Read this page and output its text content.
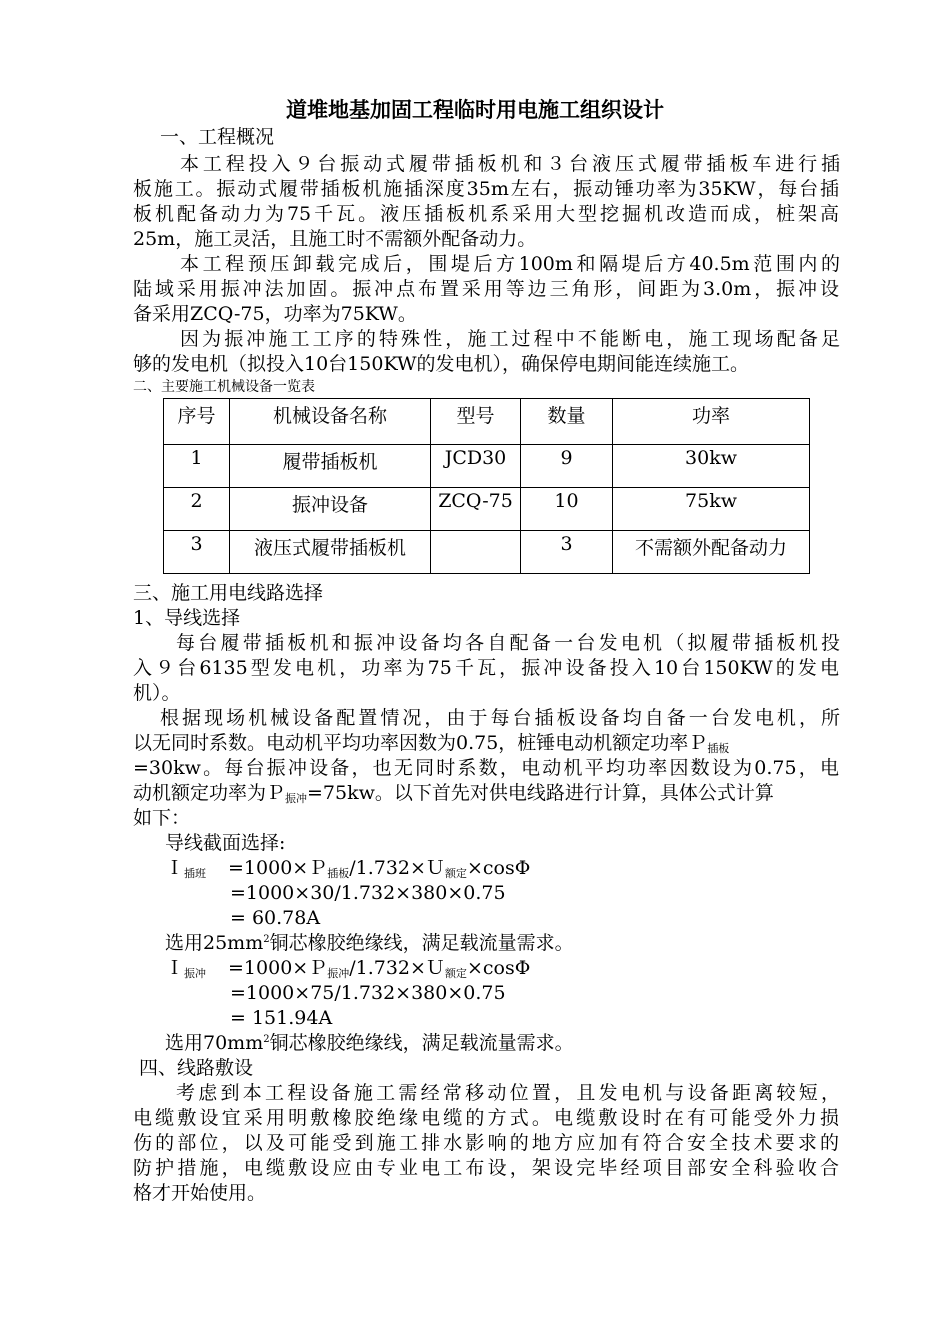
道堆地基加固工程临时用电施工组织设计
一、工程概况
本工程投入９台振动式履带插板机和３台液压式履带插板车进行插
板施工。振动式履带插板机施插深度35m左右，振动锤功率为35KW，每台插
板机配备动力为75千瓦。液压插板机系采用大型挖掘机改造而成，桩架高
25m，施工灵活，且施工时不需额外配备动力。
本工程预压卸载完成后，围堤后方100m和隔堤后方40.5m范围内的
陆域采用振冲法加固。振冲点布置采用等边三角形，间距为3.0m，振冲设
备采用ZCQ-75，功率为75KW。
因为振冲施工工序的特殊性，施工过程中不能断电，施工现场配备足
够的发电机（拟投入10台150KW的发电机），确保停电期间能连续施工。
二、主要施工机械设备一览表
序号	机械设备名称	型号	数量	功率
1	履带插板机	JCD30	9	30kw
2	振冲设备	ZCQ-75	10	75kw
3	液压式履带插板机		3	不需额外配备动力
三、施工用电线路选择
1、导线选择
每台履带插板机和振冲设备均各自配备一台发电机（拟履带插板机投
入９台6135型发电机，功率为75千瓦，振冲设备投入10台150KW的发电
机）。
根据现场机械设备配置情况，由于每台插板设备均自备一台发电机，所
以无同时系数。电动机平均功率因数为0.75，桩锤电动机额定功率Ｐ插板
=30kw。每台振冲设备，也无同时系数，电动机平均功率因数设为0.75，电
动机额定功率为Ｐ振冲=75kw。以下首先对供电线路进行计算，具体公式计算
如下：
导线截面选择:
Ｉ插班 =1000×Ｐ插板/1.732×Ｕ额定×cosΦ
=1000×30/1.732×380×0.75
= 60.78A
选用$25mm^2$铜芯橡胶绝缘线，满足载流量需求。
Ｉ振冲 =1000×Ｐ振冲/1.732×Ｕ额定×cosΦ
=1000×75/1.732×380×0.75
= 151.94A
选用$70mm^2$铜芯橡胶绝缘线，满足载流量需求。
四、线路敷设
考虑到本工程设备施工需经常移动位置，且发电机与设备距离较短，
电缆敷设宜采用明敷橡胶绝缘电缆的方式。电缆敷设时在有可能受外力损
伤的部位，以及可能受到施工排水影响的地方应加有符合安全技术要求的
防护措施，电缆敷设应由专业电工布设，架设完毕经项目部安全科验收合
格才开始使用。
